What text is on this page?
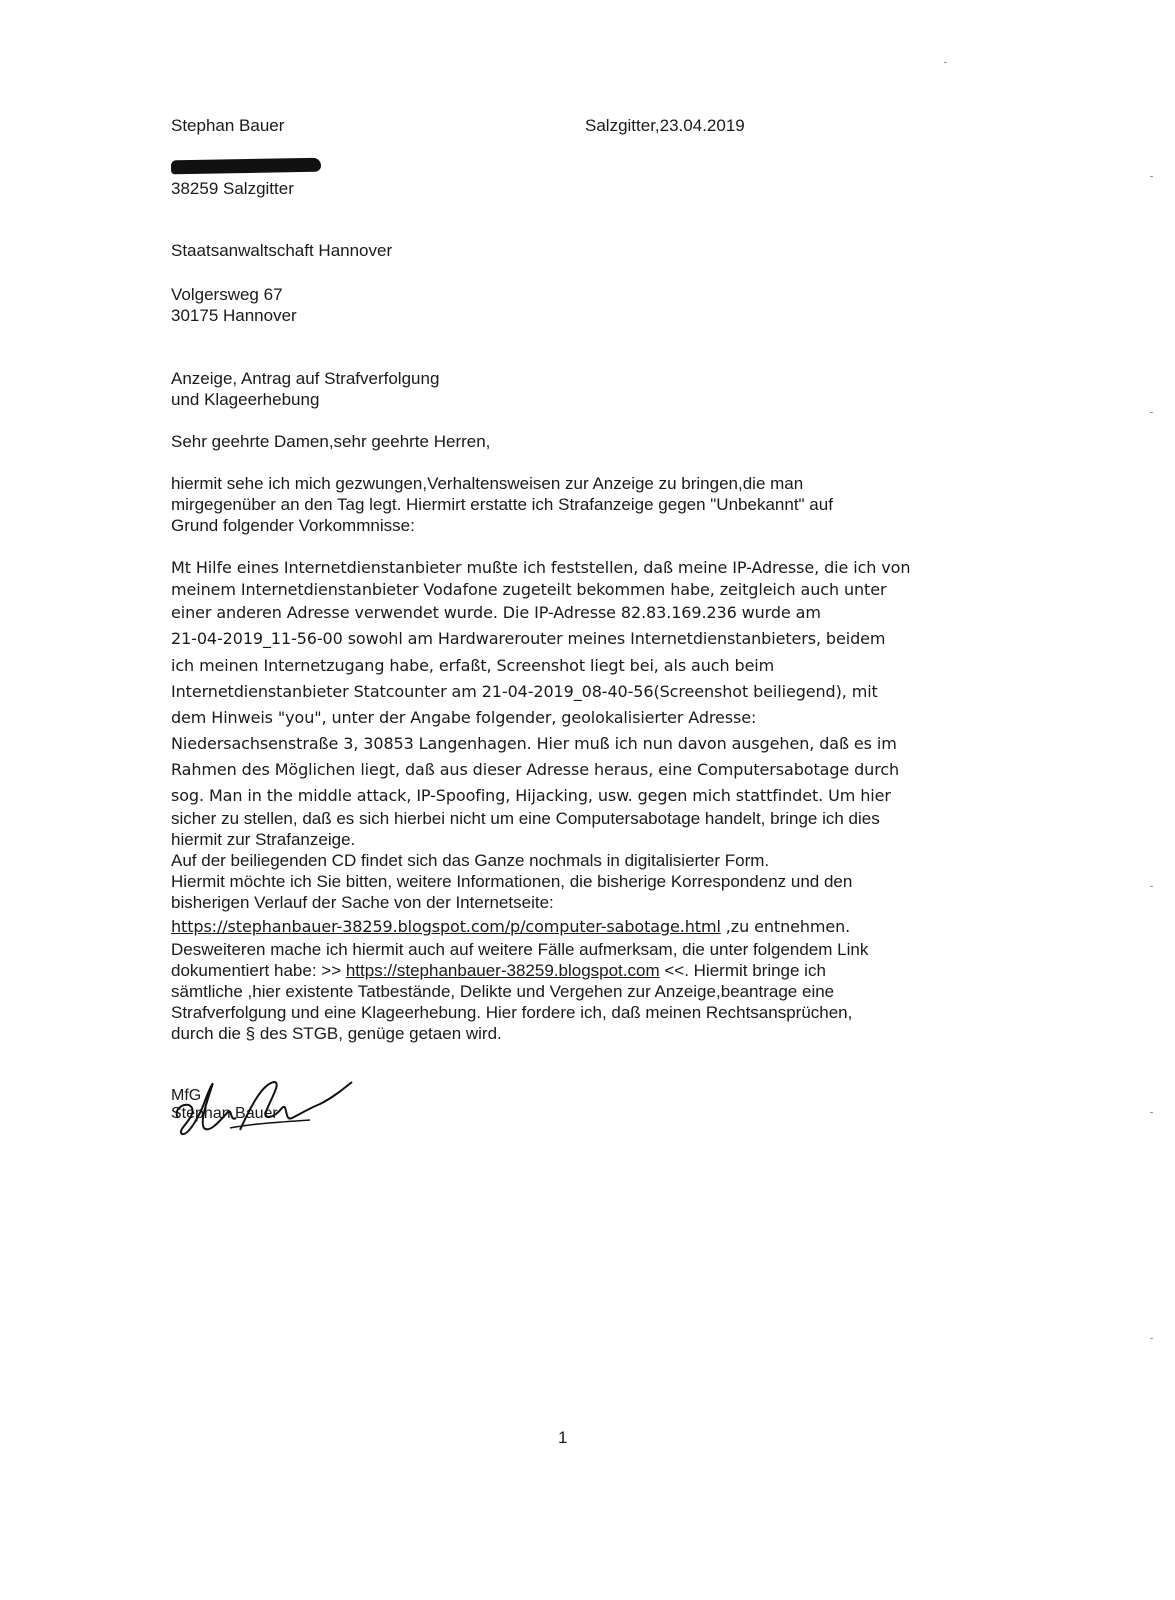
Stephan Bauer	Salzgitter,23.04.2019
38259 Salzgitter
Staatsanwaltschaft Hannover
Volgersweg 67
30175 Hannover
Anzeige, Antrag auf Strafverfolgung
und Klageerhebung
Sehr geehrte Damen,sehr geehrte Herren,
hiermit sehe ich mich gezwungen,Verhaltensweisen zur Anzeige zu bringen,die man
mirgegenüber an den Tag legt. Hiermirt erstatte ich Strafanzeige gegen "Unbekannt" auf
Grund folgender Vorkommnisse:
Mt Hilfe eines Internetdienstanbieter mußte ich feststellen, daß meine IP-Adresse, die ich von
meinem Internetdienstanbieter Vodafone zugeteilt bekommen habe, zeitgleich auch unter
einer anderen Adresse verwendet wurde. Die IP-Adresse 82.83.169.236 wurde am
21-04-2019_11-56-00 sowohl am Hardwarerouter meines Internetdienstanbieters, beidem
ich meinen Internetzugang habe, erfaßt, Screenshot liegt bei, als auch beim
Internetdienstanbieter Statcounter am 21-04-2019_08-40-56(Screenshot beiliegend), mit
dem Hinweis "you", unter der Angabe folgender, geolokalisierter Adresse:
Niedersachsenstraße 3, 30853 Langenhagen. Hier muß ich nun davon ausgehen, daß es im
Rahmen des Möglichen liegt, daß aus dieser Adresse heraus, eine Computersabotage durch
sog. Man in the middle attack, IP-Spoofing, Hijacking, usw. gegen mich stattfindet. Um hier
sicher zu stellen, daß es sich hierbei nicht um eine Computersabotage handelt, bringe ich dies
hiermit zur Strafanzeige.
Auf der beiliegenden CD findet sich das Ganze nochmals in digitalisierter Form.
Hiermit möchte ich Sie bitten, weitere Informationen, die bisherige Korrespondenz und den
bisherigen Verlauf der Sache von der Internetseite:
https://stephanbauer-38259.blogspot.com/p/computer-sabotage.html ,zu entnehmen.
Desweiteren mache ich hiermit auch auf weitere Fälle aufmerksam, die unter folgendem Link
dokumentiert habe: >> https://stephanbauer-38259.blogspot.com <<. Hiermit bringe ich
sämtliche ,hier existente Tatbestände, Delikte und Vergehen zur Anzeige,beantrage eine
Strafverfolgung und eine Klageerhebung. Hier fordere ich, daß meinen Rechtsansprüchen,
durch die § des STGB, genüge getaen wird.
MfG
Stephan Bauer
1
